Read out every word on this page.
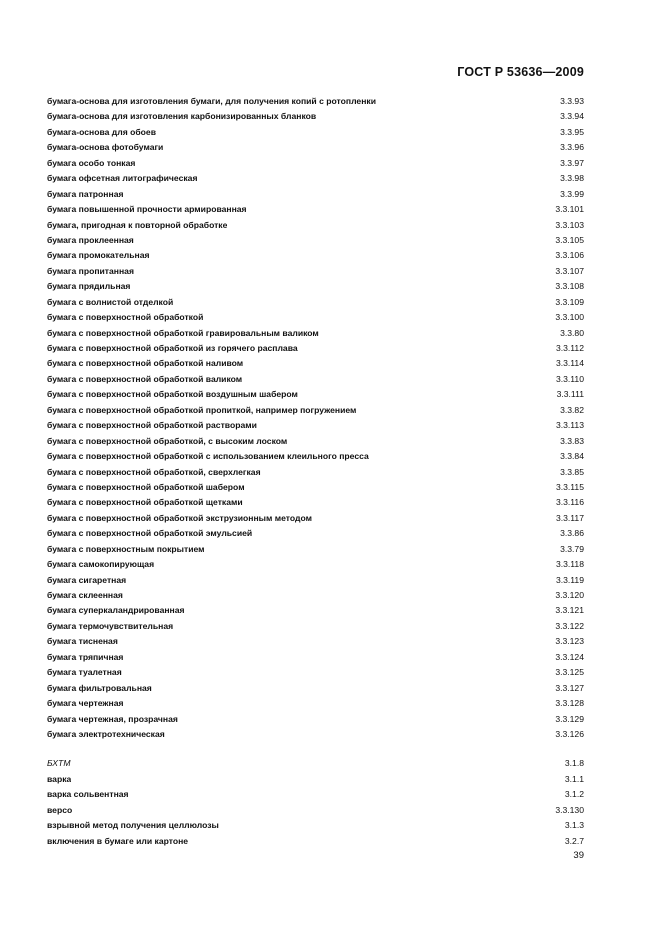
ГОСТ Р 53636—2009
бумага-основа для изготовления бумаги, для получения копий с ротопленки	3.3.93
бумага-основа для изготовления карбонизированных бланков	3.3.94
бумага-основа для обоев	3.3.95
бумага-основа фотобумаги	3.3.96
бумага особо тонкая	3.3.97
бумага офсетная литографическая	3.3.98
бумага патронная	3.3.99
бумага повышенной прочности армированная	3.3.101
бумага, пригодная к повторной обработке	3.3.103
бумага проклеенная	3.3.105
бумага промокательная	3.3.106
бумага пропитанная	3.3.107
бумага прядильная	3.3.108
бумага с волнистой отделкой	3.3.109
бумага с поверхностной обработкой	3.3.100
бумага с поверхностной обработкой гравировальным валиком	3.3.80
бумага с поверхностной обработкой из горячего расплава	3.3.112
бумага с поверхностной обработкой наливом	3.3.114
бумага с поверхностной обработкой валиком	3.3.110
бумага с поверхностной обработкой воздушным шабером	3.3.111
бумага с поверхностной обработкой пропиткой, например погружением	3.3.82
бумага с поверхностной обработкой растворами	3.3.113
бумага с поверхностной обработкой, с высоким лоском	3.3.83
бумага с поверхностной обработкой с использованием клеильного пресса	3.3.84
бумага с поверхностной обработкой, сверхлегкая	3.3.85
бумага с поверхностной обработкой шабером	3.3.115
бумага с поверхностной обработкой щетками	3.3.116
бумага с поверхностной обработкой экструзионным методом	3.3.117
бумага с поверхностной обработкой эмульсией	3.3.86
бумага с поверхностным покрытием	3.3.79
бумага самокопирующая	3.3.118
бумага сигаретная	3.3.119
бумага склеенная	3.3.120
бумага суперкаландрированная	3.3.121
бумага термочувствительная	3.3.122
бумага тисненая	3.3.123
бумага тряпичная	3.3.124
бумага туалетная	3.3.125
бумага фильтровальная	3.3.127
бумага чертежная	3.3.128
бумага чертежная, прозрачная	3.3.129
бумага электротехническая	3.3.126
БХТМ	3.1.8
варка	3.1.1
варка сольвентная	3.1.2
версо	3.3.130
взрывной метод получения целлюлозы	3.1.3
включения в бумаге или картоне	3.2.7
39
